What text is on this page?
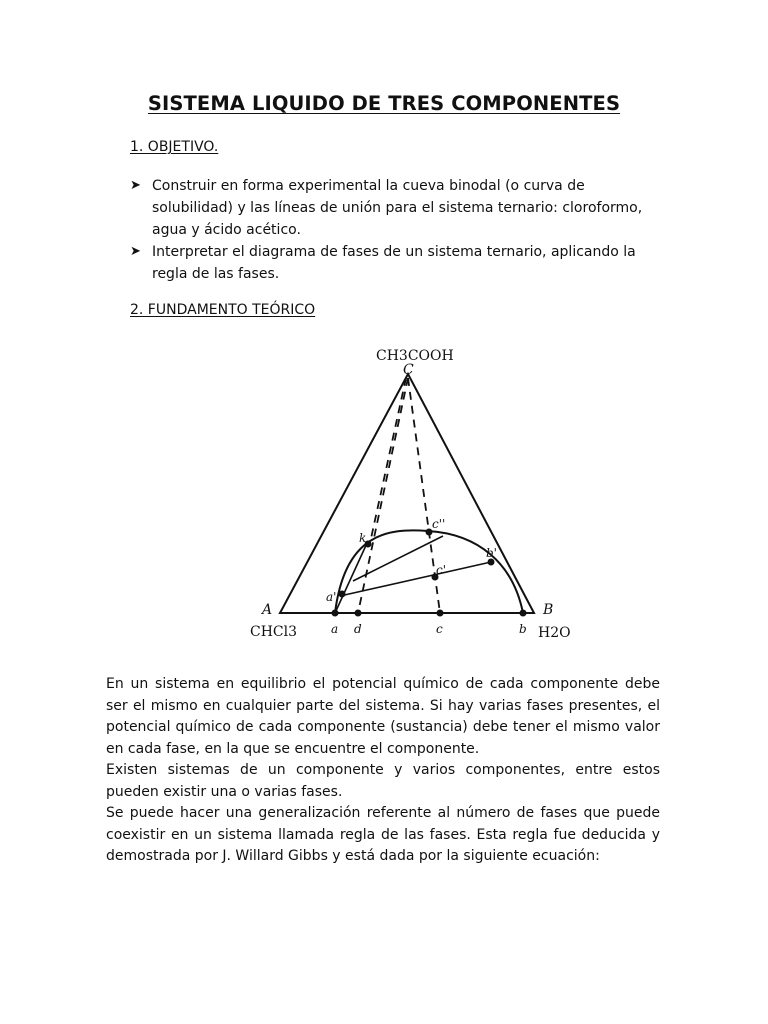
SISTEMA LIQUIDO DE TRES COMPONENTES
1. OBJETIVO.
➤ Construir en forma experimental la cueva binodal (o curva de solubilidad) y las líneas de unión para el sistema ternario: cloroformo, agua y ácido acético.
➤ Interpretar el diagrama de fases de un sistema ternario, aplicando la regla de las fases.
2. FUNDAMENTO TEÓRICO
CH3COOH
C
A	B
CHCl3	H2O
k
c''
b'
c'
a'
a d	c	b

En un sistema en equilibrio el potencial químico de cada componente debe ser el mismo en cualquier parte del sistema. Si hay varias fases presentes, el potencial químico de cada componente (sustancia) debe tener el mismo valor en cada fase, en la que se encuentre el componente.

Existen sistemas de un componente y varios componentes, entre estos pueden existir una o varias fases.

Se puede hacer una generalización referente al número de fases que puede coexistir en un sistema llamada regla de las fases. Esta regla fue deducida y demostrada por J. Willard Gibbs y está dada por la siguiente ecuación:
